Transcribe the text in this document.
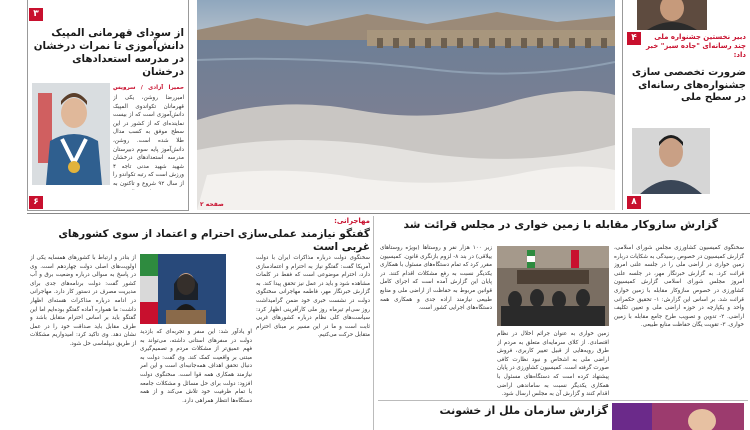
۳
از سودای قهرمانی المپیک دانش‌آموزی تا نمرات درخشان در مدرسه استعدادهای درخشان
حمیرا آزادی / سرویس
امیررضا روشن، یکی از قهرمانان تکواندوی المپیک دانش‌آموزی است که از بیست نماینده‌ای که از کشور در این سطح موفق به کسب مدال طلا شده است. روشن، دانش‌آموز پایه سوم دبیرستان مدرسه استعدادهای درخشان شهید شهید مدنی تاجه ۴ ورزش است که رتبه تکواندو را از سال ۹۲ شروع و تاکنون به
۶	صفحه ۲
۴	دبیر نخستین جشنواره ملی چند رسانه‌ای "جاده سبز" خبر داد:
ضرورت تخصصی سازی جشنواره‌های رسانه‌ای در سطح ملی
۸
مهاجرانی:
گفتگو نیازمند عملی‌سازی احترام و اعتماد از سوی کشورهای غربی است
سخنگوی دولت درباره مذاکرات ایران با دولت آمریکا گفت: گفتگو نیاز به احترام و اعتمادسازی دارد، احترام موضوعی است که فقط در کلمات مشاهده شود و باید در عمل نیز تحقق پیدا کند. به گزارش خبرنگار مهر، فاطمه مهاجرانی سخنگوی دولت در نشست خبری خود ضمن گرامیداشت روز سی‌ام تیرماه روز ملی کارآفرینی اظهار کرد: سیاست‌های کلی نظام درباره کشورهای غربی ثابت است و ما در این مسیر بر مبنای احترام متقابل حرکت می‌کنیم.
او یادآور شد: این سفر و تجربه‌ای که بازدید دولت در سفرهای استانی داشته، می‌تواند به فهم عمیق‌تر از مشکلات مردم و تصمیم‌گیری مبتنی بر واقعیت کمک کند. وی گفت: دولت به دنبال تحقق اهداف همه‌جانبه‌ای است و این امر نیازمند همکاری همه قوا است. سخنگوی دولت افزود: دولت برای حل مسائل و مشکلات جامعه با تمام ظرفیت خود تلاش می‌کند و از همه دستگاه‌ها انتظار همراهی دارد.
از بنادر و ارتباط با کشورهای همسایه یکی از اولویت‌های اصلی دولت چهاردهم است. وی در پاسخ به سوالی درباره وضعیت برق و آب کشور گفت: دولت برنامه‌های جدی برای مدیریت مصرف در دستور کار دارد. مهاجرانی در ادامه درباره مذاکرات هسته‌ای اظهار داشت: ما همواره آماده گفتگو بوده‌ایم اما این گفتگو باید بر اساس احترام متقابل باشد و طرف مقابل باید صداقت خود را در عمل نشان دهد. وی تاکید کرد: امیدواریم مشکلات از طریق دیپلماسی حل شود.
گزارش سازوکار مقابله با زمین خواری در مجلس قرائت شد
سخنگوی کمیسیون کشاورزی مجلس شورای اسلامی، گزارش کمیسیون در خصوص رسیدگی به شکایات درباره زمین خواری در اراضی ملی را در جلسه علنی امروز قرائت کرد. به گزارش خبرنگار مهر، در جلسه علنی امروز مجلس شورای اسلامی گزارش کمیسیون کشاورزی در خصوص سازوکار مقابله با زمین خواری قرائت شد. بر اساس این گزارش: ۱- تحقیق حکمرانی واحد و یکپارچه در حوزه اراضی ملی و تعیین تکلیف اراضی. ۲- تدوین و تصویب طرح جامع مقابله با زمین خواری. ۳- تقویت یگان حفاظت منابع طبیعی.
زمین خواری به عنوان جرائم اخلال در نظام اقتصادی. از کلای سرمایه‌ای متعلق به مردم از طرق رویه‌هایی از قبیل تغییر کاربری، فروش اراضی ملی به اشخاص و نبود نظارت کافی صورت گرفته است. کمیسیون کشاورزی در پایان پیشنهاد کرده است که دستگاه‌های مسئول با همکاری یکدیگر نسبت به ساماندهی اراضی اقدام کنند و گزارش آن به مجلس ارسال شود.
زیر ۱۰۰ هزار نفر و روستاها (بویژه روستاهای ییلاقی) در بند ۸- لزوم بازنگری قانون. کمیسیون مقرر کرد که تمام دستگاه‌های مسئول با همکاری یکدیگر نسبت به رفع مشکلات اقدام کنند. در پایان این گزارش آمده است که اجرای کامل قوانین مربوط به حفاظت از اراضی ملی و منابع طبیعی نیازمند اراده جدی و همکاری همه دستگاه‌های اجرایی کشور است.
گزارش سازمان ملل از خشونت
